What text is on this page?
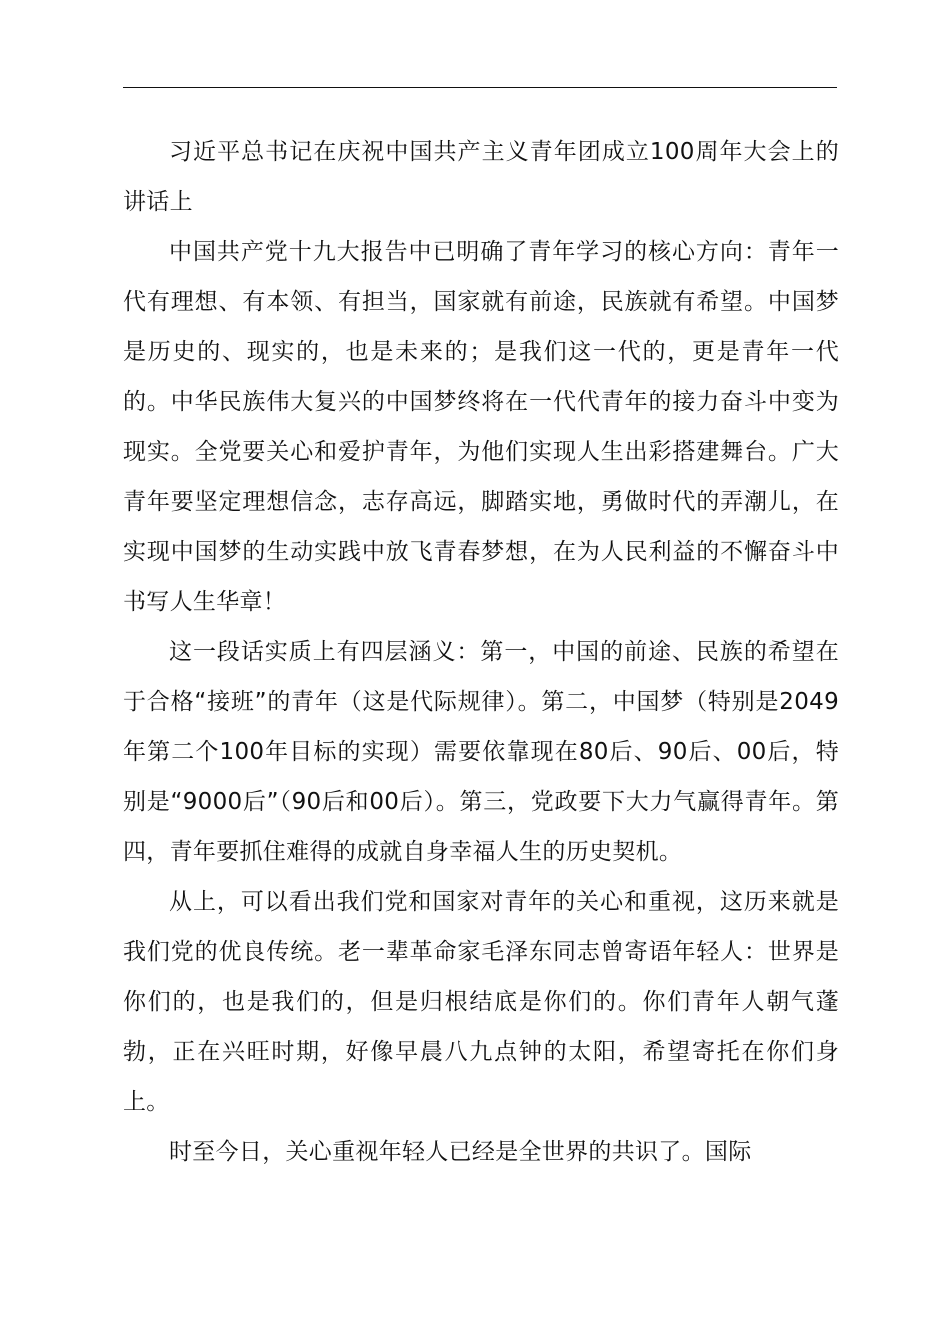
习近平总书记在庆祝中国共产主义青年团成立100周年大会上的讲话上

中国共产党十九大报告中已明确了青年学习的核心方向：青年一代有理想、有本领、有担当，国家就有前途，民族就有希望。中国梦是历史的、现实的，也是未来的；是我们这一代的，更是青年一代的。中华民族伟大复兴的中国梦终将在一代代青年的接力奋斗中变为现实。全党要关心和爱护青年，为他们实现人生出彩搭建舞台。广大青年要坚定理想信念，志存高远，脚踏实地，勇做时代的弄潮儿，在实现中国梦的生动实践中放飞青春梦想，在为人民利益的不懈奋斗中书写人生华章！

这一段话实质上有四层涵义：第一，中国的前途、民族的希望在于合格“接班”的青年（这是代际规律）。第二，中国梦（特别是2049年第二个100年目标的实现）需要依靠现在80后、90后、00后，特别是“9000后”（90后和00后）。第三，党政要下大力气赢得青年。第四，青年要抓住难得的成就自身幸福人生的历史契机。

从上，可以看出我们党和国家对青年的关心和重视，这历来就是我们党的优良传统。老一辈革命家毛泽东同志曾寄语年轻人：世界是你们的，也是我们的，但是归根结底是你们的。你们青年人朝气蓬勃，正在兴旺时期，好像早晨八九点钟的太阳，希望寄托在你们身上。

时至今日，关心重视年轻人已经是全世界的共识了。国际
